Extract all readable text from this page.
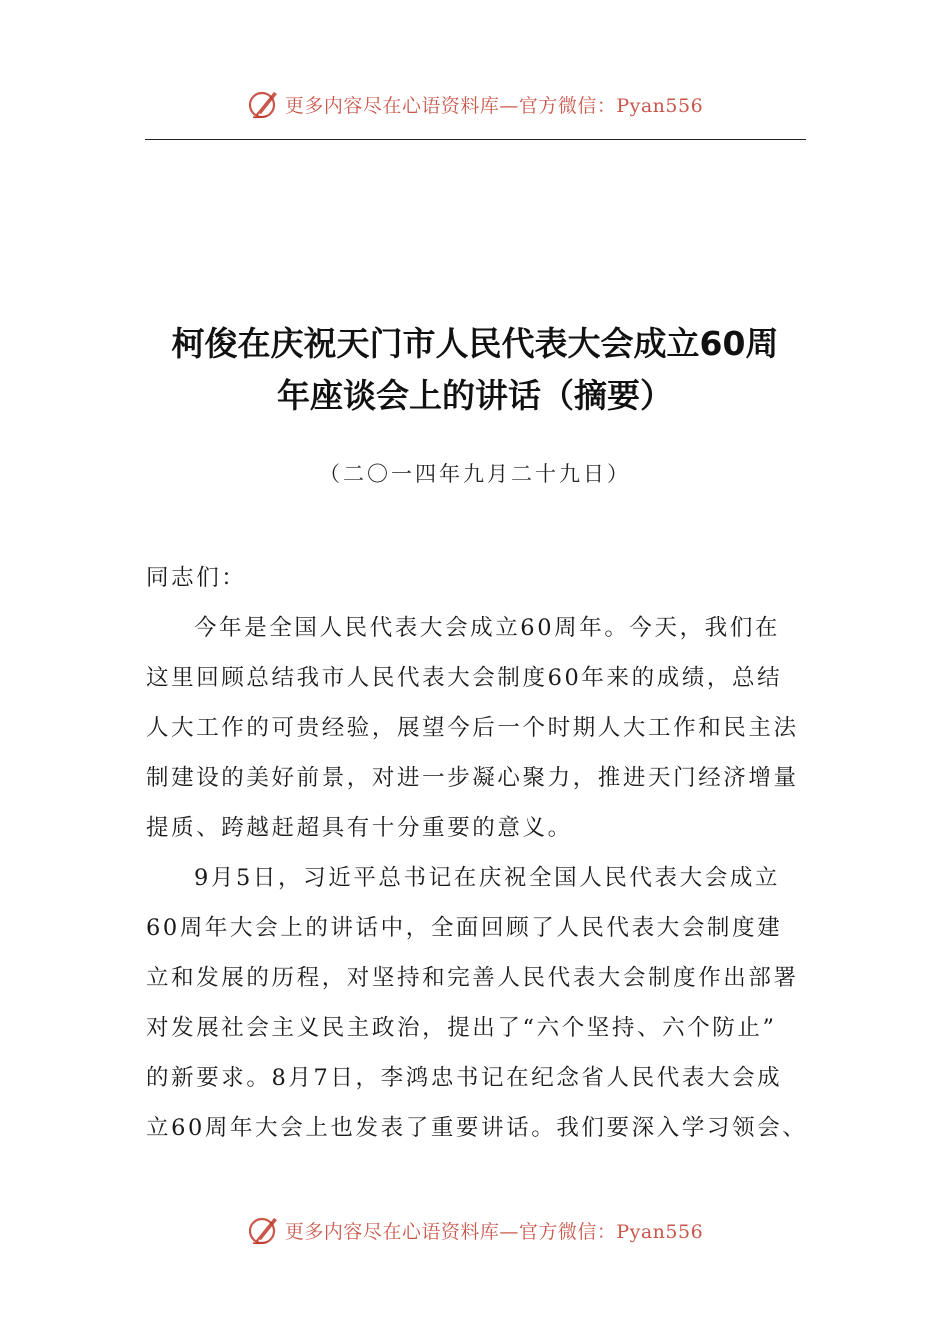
更多内容尽在心语资料库—官方微信：Pyan556
柯俊在庆祝天门市人民代表大会成立60周
年座谈会上的讲话（摘要）
（二〇一四年九月二十九日）
同志们：
今年是全国人民代表大会成立60周年。今天，我们在
这里回顾总结我市人民代表大会制度60年来的成绩，总结
人大工作的可贵经验，展望今后一个时期人大工作和民主法
制建设的美好前景，对进一步凝心聚力，推进天门经济增量
提质、跨越赶超具有十分重要的意义。
9月5日，习近平总书记在庆祝全国人民代表大会成立
60周年大会上的讲话中，全面回顾了人民代表大会制度建
立和发展的历程，对坚持和完善人民代表大会制度作出部署
对发展社会主义民主政治，提出了“六个坚持、六个防止”
的新要求。8月7日，李鸿忠书记在纪念省人民代表大会成
立60周年大会上也发表了重要讲话。我们要深入学习领会、
更多内容尽在心语资料库—官方微信：Pyan556
